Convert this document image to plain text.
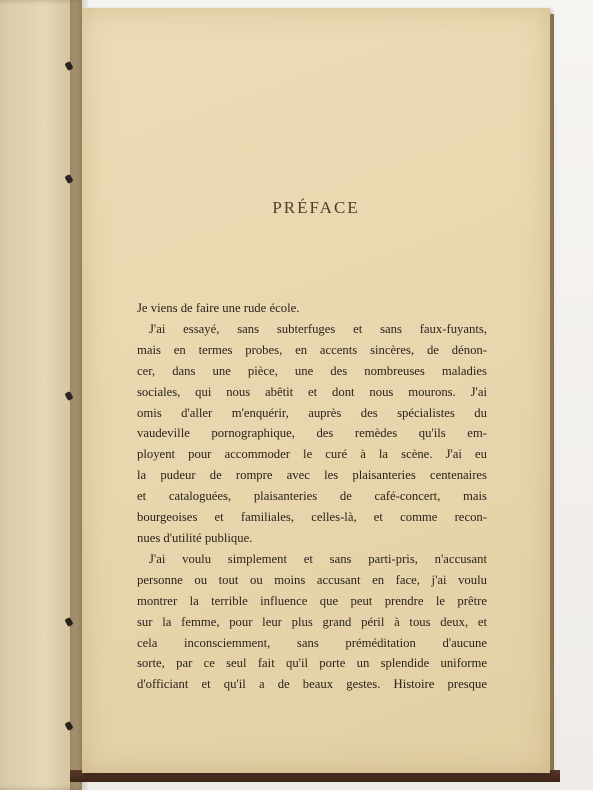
PRÉFACE
Je viens de faire une rude école.
J'ai essayé, sans subterfuges et sans faux-fuyants,
mais en termes probes, en accents sincères, de dénon-
cer, dans une pièce, une des nombreuses maladies
sociales, qui nous abêtit et dont nous mourons. J'ai
omis d'aller m'enquérir, auprès des spécialistes du
vaudeville pornographique, des remèdes qu'ils em-
ployent pour accommoder le curé à la scène. J'ai eu
la pudeur de rompre avec les plaisanteries centenaires
et cataloguées, plaisanteries de café-concert, mais
bourgeoises et familiales, celles-là, et comme recon-
nues d'utilité publique.
J'ai voulu simplement et sans parti-pris, n'accusant
personne ou tout ou moins accusant en face, j'ai voulu
montrer la terrible influence que peut prendre le prêtre
sur la femme, pour leur plus grand péril à tous deux, et
cela inconsciemment, sans préméditation d'aucune
sorte, par ce seul fait qu'il porte un splendide uniforme
d'officiant et qu'il a de beaux gestes. Histoire presque
